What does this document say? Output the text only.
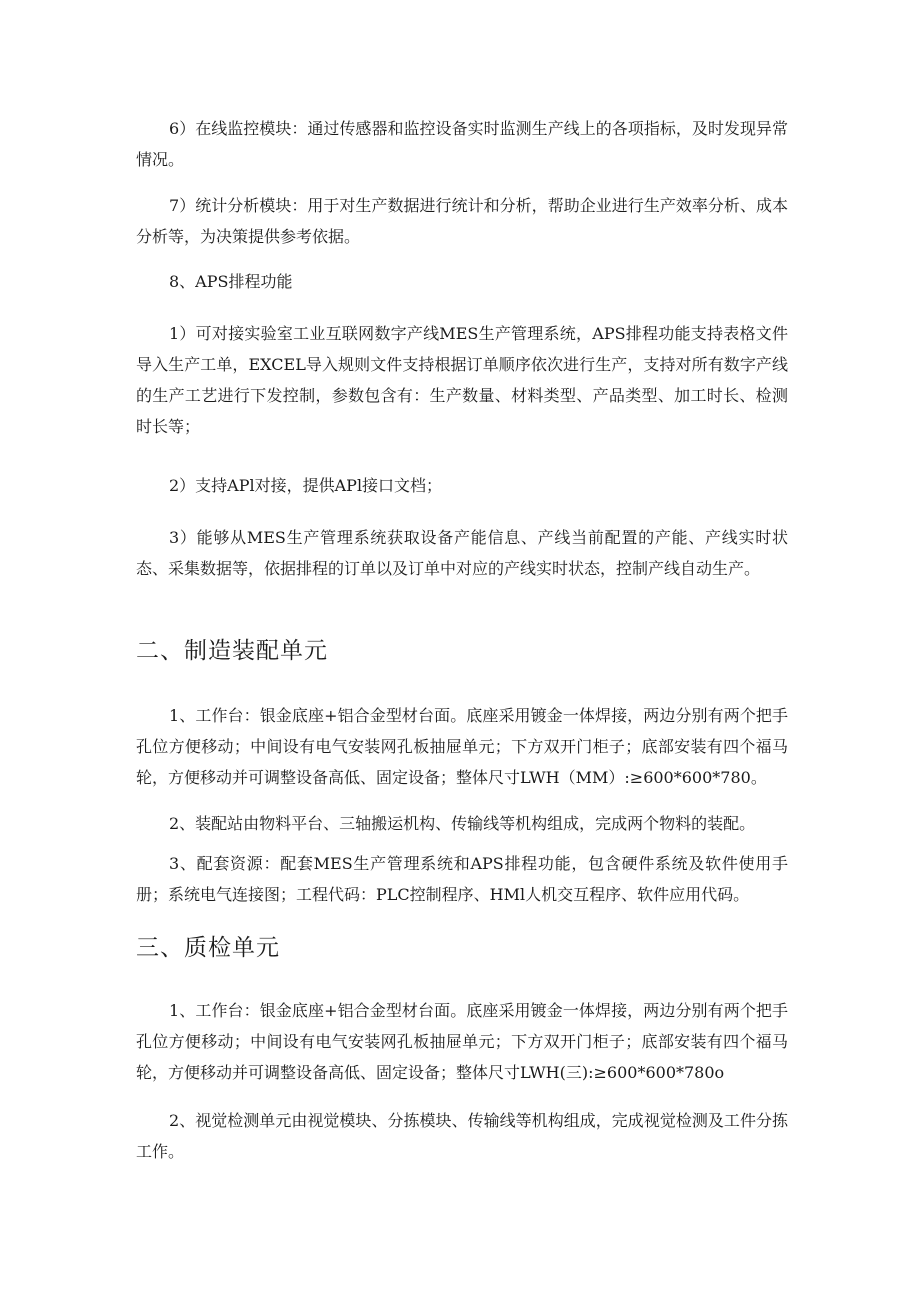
6）在线监控模块：通过传感器和监控设备实时监测生产线上的各项指标，及时发现异常情况。

7）统计分析模块：用于对生产数据进行统计和分析，帮助企业进行生产效率分析、成本分析等，为决策提供参考依据。

8、APS排程功能

1）可对接实验室工业互联网数字产线MES生产管理系统，APS排程功能支持表格文件导入生产工单，EXCEL导入规则文件支持根据订单顺序依次进行生产，支持对所有数字产线的生产工艺进行下发控制，参数包含有：生产数量、材料类型、产品类型、加工时长、检测时长等；

2）支持APl对接，提供APl接口文档；

3）能够从MES生产管理系统获取设备产能信息、产线当前配置的产能、产线实时状态、采集数据等，依据排程的订单以及订单中对应的产线实时状态，控制产线自动生产。

二、制造装配单元

1、工作台：银金底座+铝合金型材台面。底座采用镀金一体焊接，两边分别有两个把手孔位方便移动；中间设有电气安装网孔板抽屉单元；下方双开门柜子；底部安装有四个福马轮，方便移动并可调整设备高低、固定设备；整体尺寸LWH（MM）:≥600*600*780。

2、装配站由物料平台、三轴搬运机构、传输线等机构组成，完成两个物料的装配。

3、配套资源：配套MES生产管理系统和APS排程功能，包含硬件系统及软件使用手册；系统电气连接图；工程代码：PLC控制程序、HMl人机交互程序、软件应用代码。

三、质检单元

1、工作台：银金底座+铝合金型材台面。底座采用镀金一体焊接，两边分别有两个把手孔位方便移动；中间设有电气安装网孔板抽屉单元；下方双开门柜子；底部安装有四个福马轮，方便移动并可调整设备高低、固定设备；整体尺寸LWH(三):≥600*600*780o

2、视觉检测单元由视觉模块、分拣模块、传输线等机构组成，完成视觉检测及工件分拣工作。
